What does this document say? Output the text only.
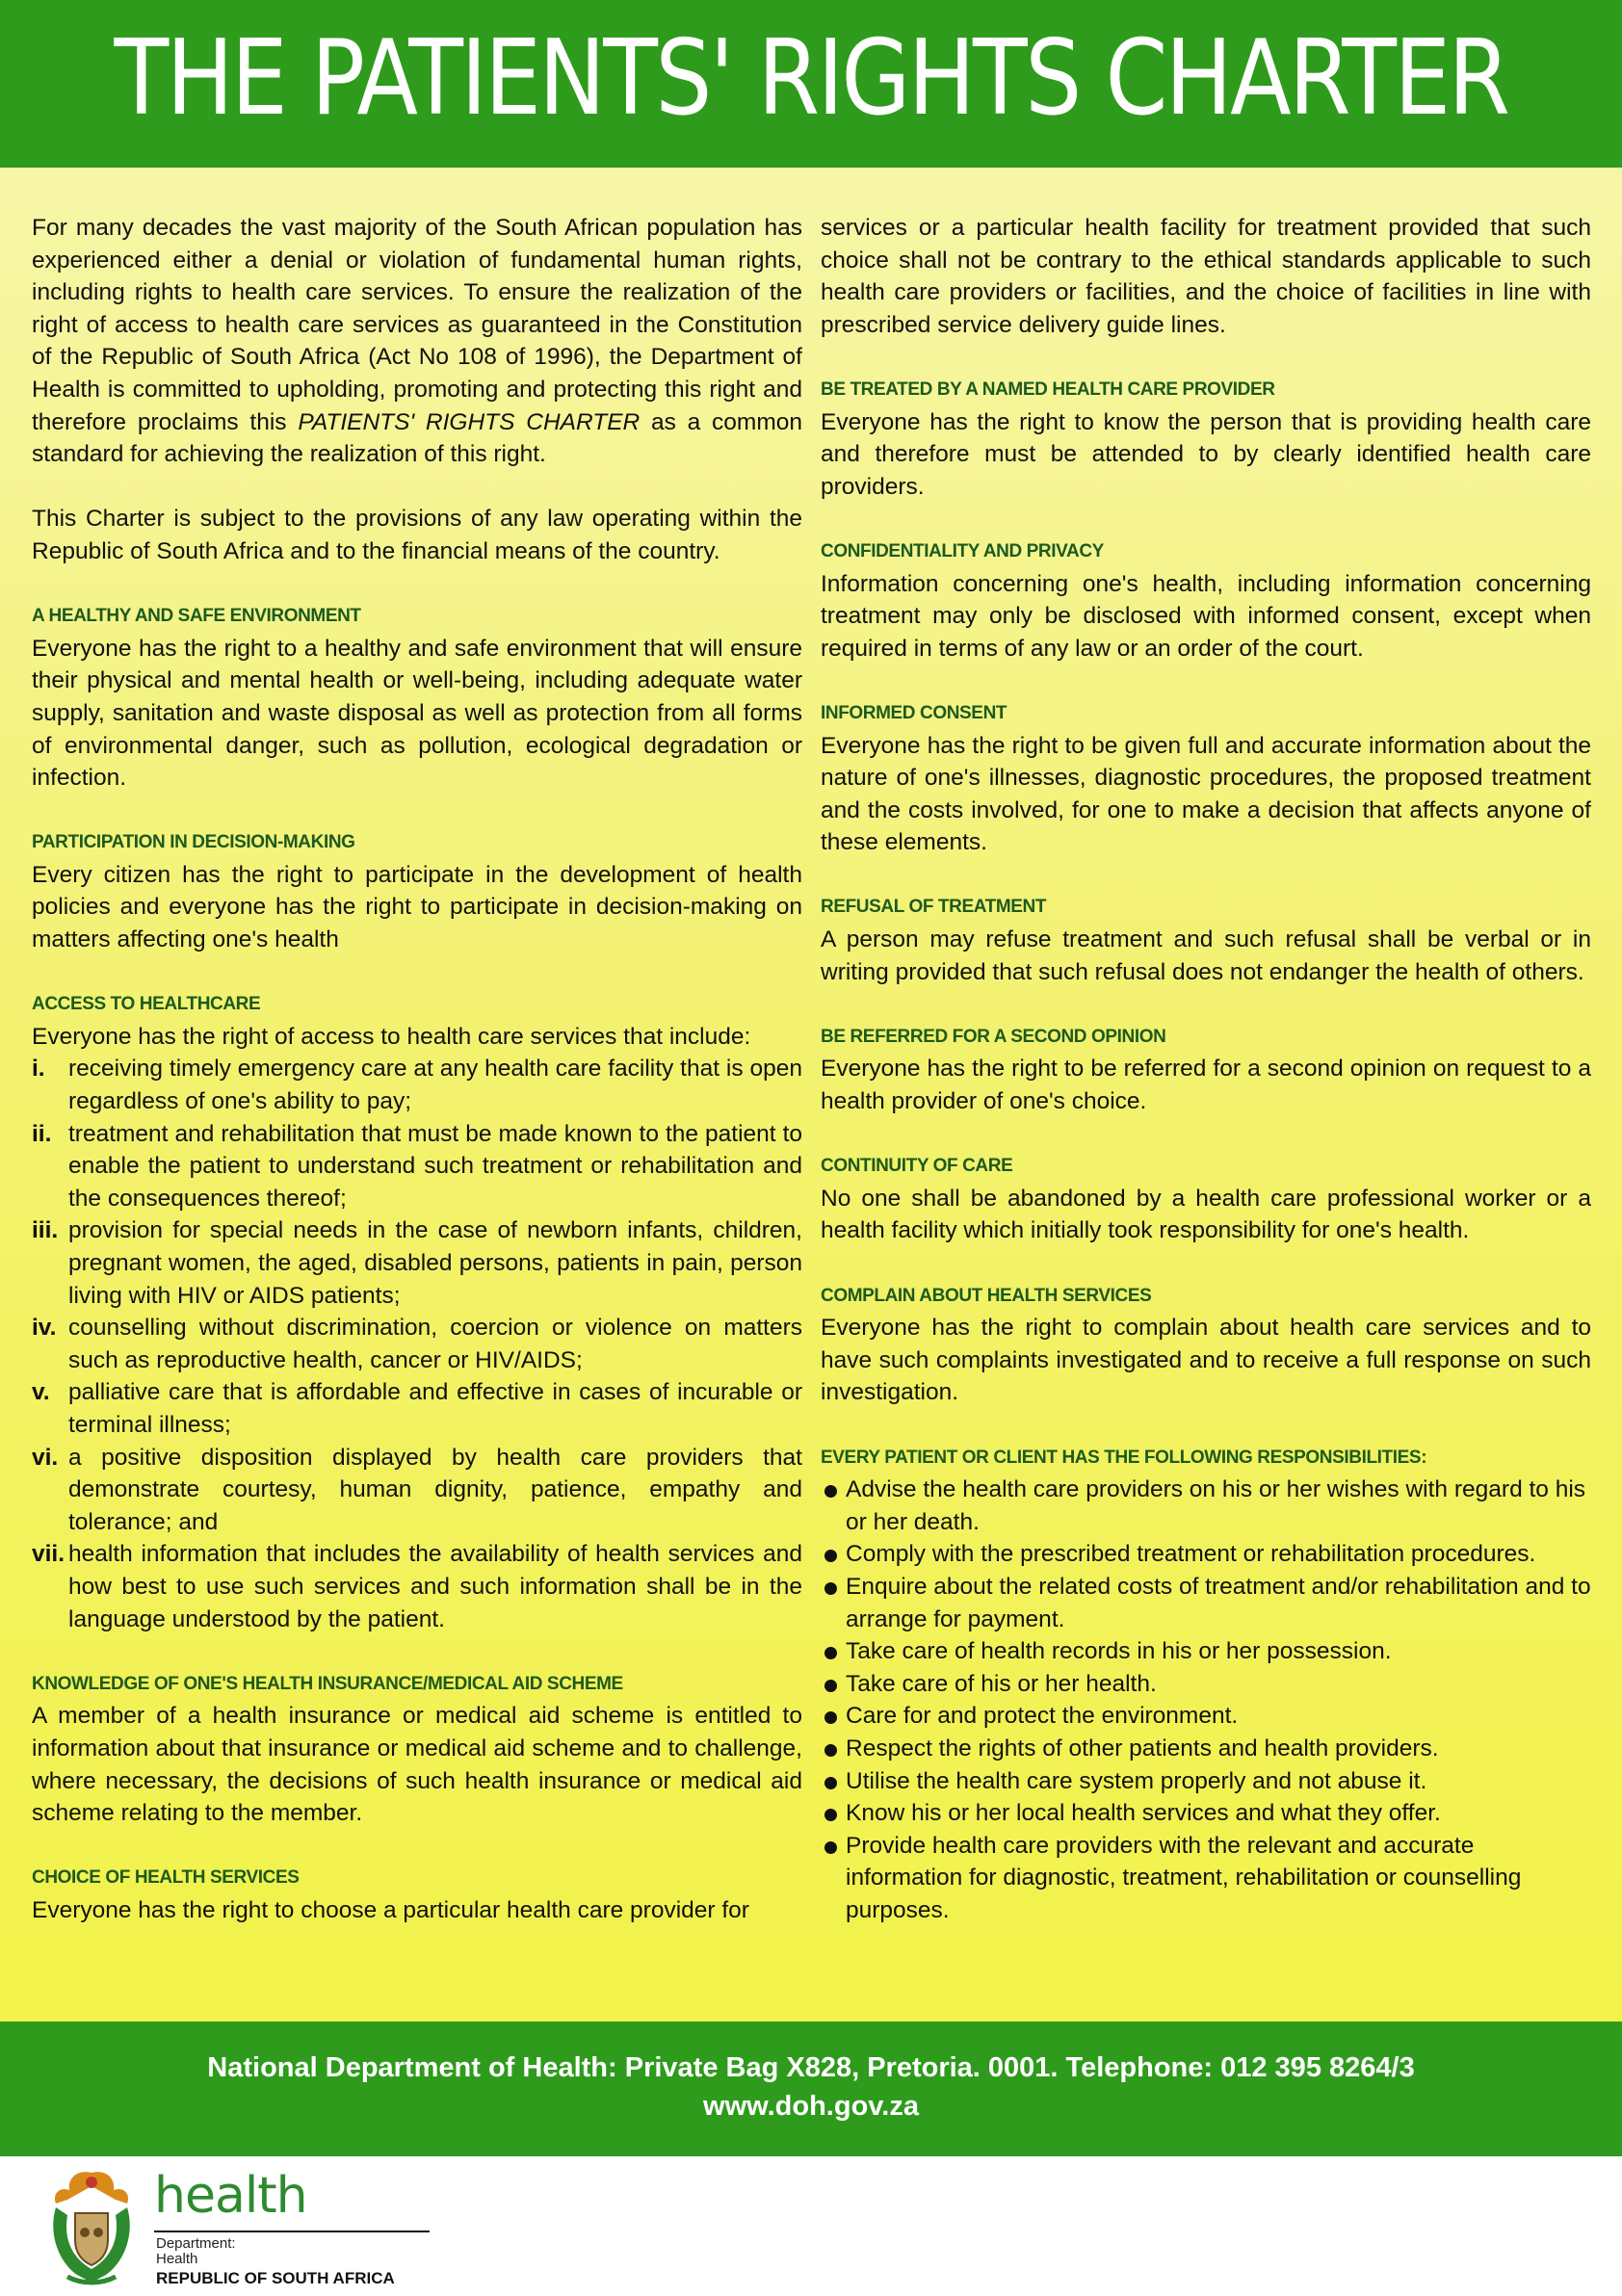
THE PATIENTS' RIGHTS CHARTER

For many decades the vast majority of the South African population has experienced either a denial or violation of fundamental human rights, including rights to health care services. To ensure the realization of the right of access to health care services as guaranteed in the Constitution of the Republic of South Africa (Act No 108 of 1996), the Department of Health is committed to upholding, promoting and protecting this right and therefore proclaims this PATIENTS' RIGHTS CHARTER as a common standard for achieving the realization of this right.

This Charter is subject to the provisions of any law operating within the Republic of South Africa and to the financial means of the country.

A HEALTHY AND SAFE ENVIRONMENT
Everyone has the right to a healthy and safe environment that will ensure their physical and mental health or well-being, including adequate water supply, sanitation and waste disposal as well as protection from all forms of environmental danger, such as pollution, ecological degradation or infection.
PARTICIPATION IN DECISION-MAKING
Every citizen has the right to participate in the development of health policies and everyone has the right to participate in decision-making on matters affecting one's health
ACCESS TO HEALTHCARE
Everyone has the right of access to health care services that include:
i. receiving timely emergency care at any health care facility that is open regardless of one's ability to pay;
ii. treatment and rehabilitation that must be made known to the patient to enable the patient to understand such treatment or rehabilitation and the consequences thereof;
iii. provision for special needs in the case of newborn infants, children, pregnant women, the aged, disabled persons, patients in pain, person living with HIV or AIDS patients;
iv. counselling without discrimination, coercion or violence on matters such as reproductive health, cancer or HIV/AIDS;
v. palliative care that is affordable and effective in cases of incurable or terminal illness;
vi. a positive disposition displayed by health care providers that demonstrate courtesy, human dignity, patience, empathy and tolerance; and
vii. health information that includes the availability of health services and how best to use such services and such information shall be in the language understood by the patient.
KNOWLEDGE OF ONE'S HEALTH INSURANCE/MEDICAL AID SCHEME
A member of a health insurance or medical aid scheme is entitled to information about that insurance or medical aid scheme and to challenge, where necessary, the decisions of such health insurance or medical aid scheme relating to the member.
CHOICE OF HEALTH SERVICES
Everyone has the right to choose a particular health care provider for

services or a particular health facility for treatment provided that such choice shall not be contrary to the ethical standards applicable to such health care providers or facilities, and the choice of facilities in line with prescribed service delivery guide lines.

BE TREATED BY A NAMED HEALTH CARE PROVIDER
Everyone has the right to know the person that is providing health care and therefore must be attended to by clearly identified health care providers.
CONFIDENTIALITY AND PRIVACY
Information concerning one's health, including information concerning treatment may only be disclosed with informed consent, except when required in terms of any law or an order of the court.
INFORMED CONSENT
Everyone has the right to be given full and accurate information about the nature of one's illnesses, diagnostic procedures, the proposed treatment and the costs involved, for one to make a decision that affects anyone of these elements.
REFUSAL OF TREATMENT
A person may refuse treatment and such refusal shall be verbal or in writing provided that such refusal does not endanger the health of others.
BE REFERRED FOR A SECOND OPINION
Everyone has the right to be referred for a second opinion on request to a health provider of one's choice.
CONTINUITY OF CARE
No one shall be abandoned by a health care professional worker or a health facility which initially took responsibility for one's health.
COMPLAIN ABOUT HEALTH SERVICES
Everyone has the right to complain about health care services and to have such complaints investigated and to receive a full response on such investigation.
EVERY PATIENT OR CLIENT HAS THE FOLLOWING RESPONSIBILITIES:
Advise the health care providers on his or her wishes with regard to his or her death.
Comply with the prescribed treatment or rehabilitation procedures.
Enquire about the related costs of treatment and/or rehabilitation and to arrange for payment.
Take care of health records in his or her possession.
Take care of his or her health.
Care for and protect the environment.
Respect the rights of other patients and health providers.
Utilise the health care system properly and not abuse it.
Know his or her local health services and what they offer.
Provide health care providers with the relevant and accurate information for diagnostic, treatment, rehabilitation or counselling purposes.
National Department of Health: Private Bag X828, Pretoria. 0001. Telephone: 012 395 8264/3
www.doh.gov.za
health
Department:
Health
REPUBLIC OF SOUTH AFRICA
